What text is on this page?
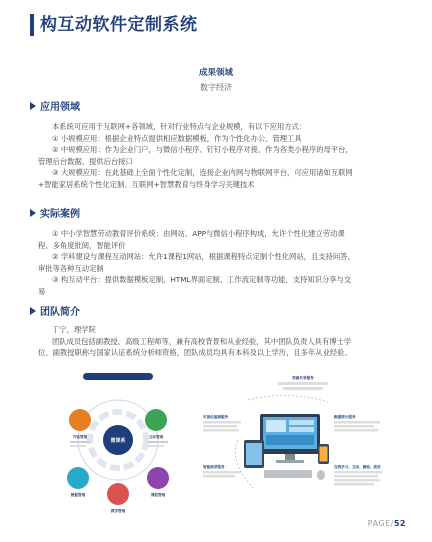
构互动软件定制系统
成果领域
数字经济
应用领域

本系统可应用于互联网+各领域，针对行业特点与企业规模，有以下应用方式：

① 小规模应用：根据企业特点提供相应数据模板，作为个性化办公、管理工具

② 中规模应用：作为企业门户，与微信小程序、钉钉小程序对接，作为各类小程序的母平台，

管理后台数据、提供后台接口

③ 大规模应用：在此基础上全面个性化定制，连接企业内网与物联网平台，可应用诸如互联网

+智能家居系统个性化定制、互联网+智慧教育与终身学习关键技术

实际案例

① 中小学智慧劳动教育评价系统：由网站、APP与微信小程序构成，允许个性化建立劳动课

程、多角度批阅，智能评价

② 学科建设与课程互动网站：允许1课程1网站，根据课程特点定制个性化网站，且支持问答、

审批等各种互动定制

③ 构互动平台：提供数据模板定制，HTML界面定制、工作流定制等功能，支持知识分享与交

易

团队简介

丁宁，理学院

团队成员包括副教授、高级工程师等，兼有高校背景和从业经验，其中团队负责人具有博士学

位、副教授职称与国家认证系统分析师资格，团队成员均具有本科及以上学历，且多年从业经验。

微课系
内容管理	互动管理
数据管理
教学管理
课程管理
资源共享服务
可视化编辑服务
智能推荐服务
数据统计服务
在线学习、互动、测验、批改
PAGE/52
